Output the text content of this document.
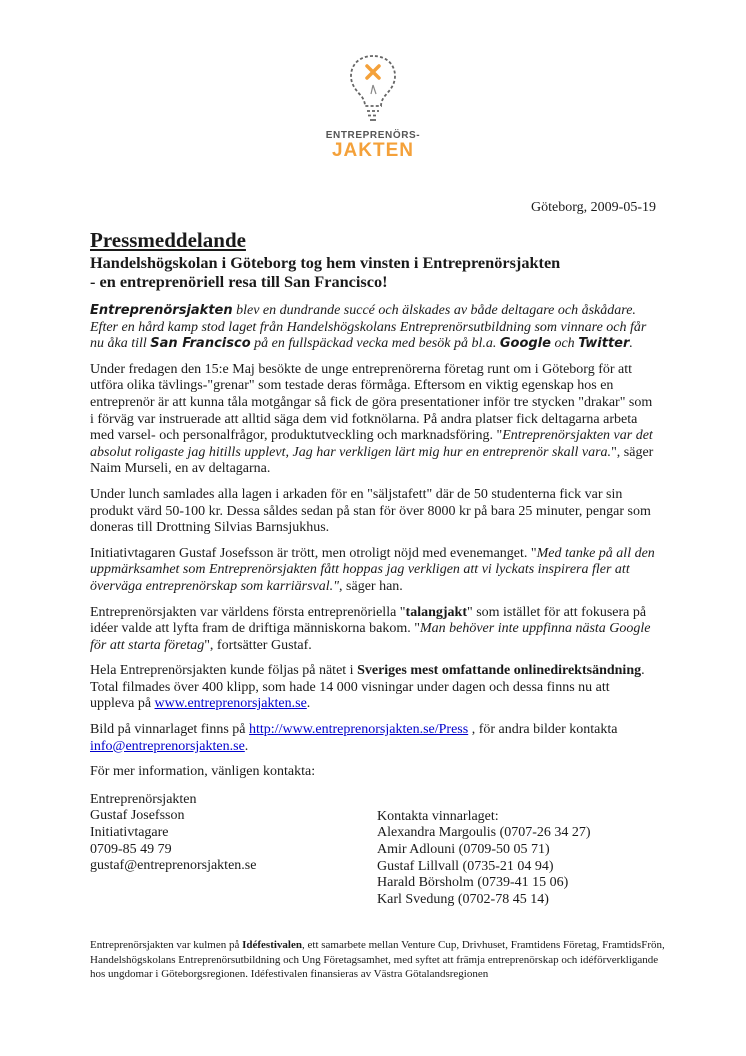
ENTREPRENÖRS-
JAKTEN
Göteborg, 2009-05-19
Pressmeddelande
Handelshögskolan i Göteborg tog hem vinsten i Entreprenörsjakten
- en entreprenöriell resa till San Francisco!

Entreprenörsjakten blev en dundrande succé och älskades av både deltagare och åskådare. Efter en hård kamp stod laget från Handelshögskolans Entreprenörsutbildning som vinnare och får nu åka till San Francisco på en fullspäckad vecka med besök på bl.a. Google och Twitter.

Under fredagen den 15:e Maj besökte de unge entreprenörerna företag runt om i Göteborg för att utföra olika tävlings-"grenar" som testade deras förmåga. Eftersom en viktig egenskap hos en entreprenör är att kunna tåla motgångar så fick de göra presentationer inför tre stycken "drakar" som i förväg var instruerade att alltid säga dem vid fotknölarna. På andra platser fick deltagarna arbeta med varsel- och personalfrågor, produktutveckling och marknadsföring. "Entreprenörsjakten var det absolut roligaste jag hitills upplevt, Jag har verkligen lärt mig hur en entreprenör skall vara.", säger Naim Murseli, en av deltagarna.

Under lunch samlades alla lagen i arkaden för en "säljstafett" där de 50 studenterna fick var sin produkt värd 50-100 kr. Dessa såldes sedan på stan för över 8000 kr på bara 25 minuter, pengar som doneras till Drottning Silvias Barnsjukhus.

Initiativtagaren Gustaf Josefsson är trött, men otroligt nöjd med evenemanget. "Med tanke på all den uppmärksamhet som Entreprenörsjakten fått hoppas jag verkligen att vi lyckats inspirera fler att överväga entreprenörskap som karriärsval.", säger han.

Entreprenörsjakten var världens första entreprenöriella "talangjakt" som istället för att fokusera på idéer valde att lyfta fram de driftiga människorna bakom. "Man behöver inte uppfinna nästa Google för att starta företag", fortsätter Gustaf.

Hela Entreprenörsjakten kunde följas på nätet i Sveriges mest omfattande onlinedirektsändning. Total filmades över 400 klipp, som hade 14 000 visningar under dagen och dessa finns nu att uppleva på www.entreprenorsjakten.se.

Bild på vinnarlaget finns på http://www.entreprenorsjakten.se/Press , för andra bilder kontakta info@entreprenorsjakten.se.

För mer information, vänligen kontakta:

Entreprenörsjakten
Gustaf Josefsson
Initiativtagare
0709-85 49 79
gustaf@entreprenorsjakten.se
Kontakta vinnarlaget:
Alexandra Margoulis (0707-26 34 27)
Amir Adlouni (0709-50 05 71)
Gustaf Lillvall (0735-21 04 94)
Harald Börsholm (0739-41 15 06)
Karl Svedung (0702-78 45 14)
Entreprenörsjakten var kulmen på Idéfestivalen, ett samarbete mellan Venture Cup, Drivhuset, Framtidens Företag, FramtidsFrön, Handelshögskolans Entreprenörsutbildning och Ung Företagsamhet, med syftet att främja entreprenörskap och idéförverkligande hos ungdomar i Göteborgsregionen. Idéfestivalen finansieras av Västra Götalandsregionen
